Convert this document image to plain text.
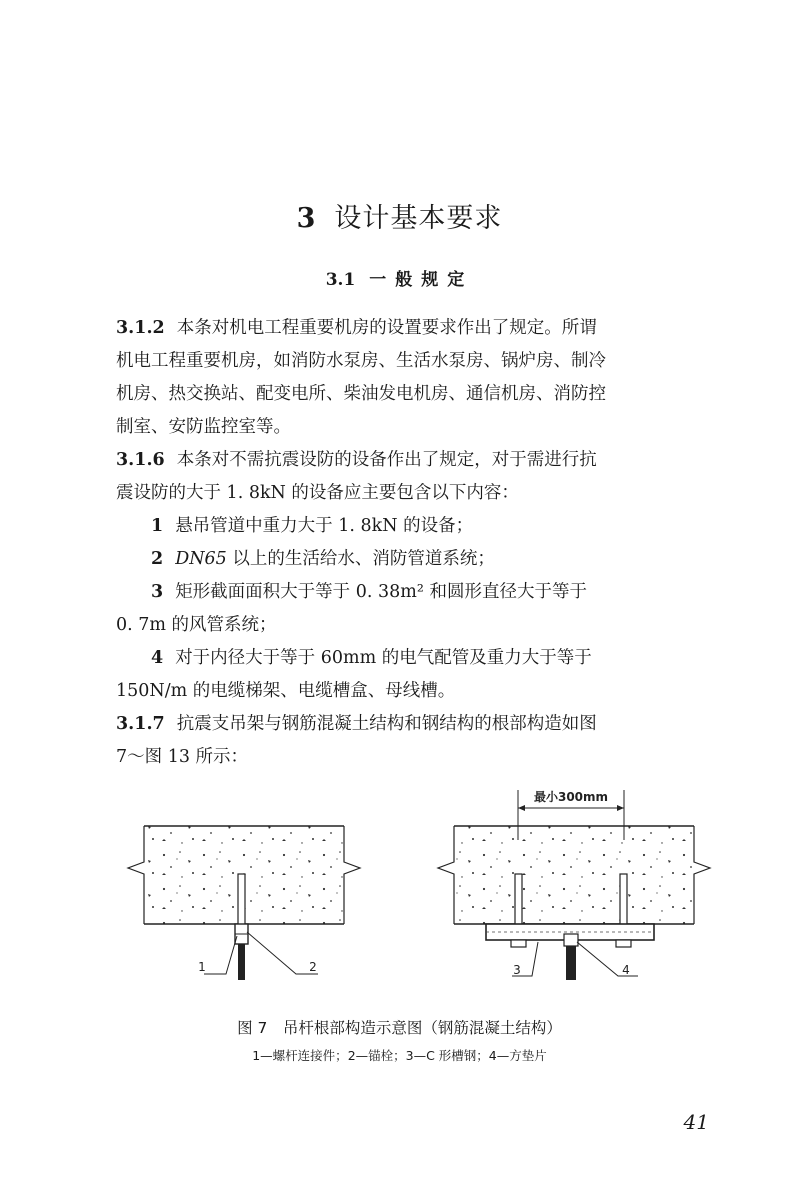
3 设计基本要求
3.1 一般规定

3.1.2 本条对机电工程重要机房的设置要求作出了规定。所谓
机电工程重要机房，如消防水泵房、生活水泵房、锅炉房、制冷
机房、热交换站、配变电所、柴油发电机房、通信机房、消防控
制室、安防监控室等。

3.1.6 本条对不需抗震设防的设备作出了规定，对于需进行抗
震设防的大于 1. 8kN 的设备应主要包含以下内容：

1 悬吊管道中重力大于 1. 8kN 的设备；

2 DN65 以上的生活给水、消防管道系统；

3 矩形截面面积大于等于 0. 38m² 和圆形直径大于等于

0. 7m 的风管系统；

4 对于内径大于等于 60mm 的电气配管及重力大于等于

150N/m 的电缆梯架、电缆槽盒、母线槽。

3.1.7 抗震支吊架与钢筋混凝土结构和钢结构的根部构造如图
7～图 13 所示：

最小300mm
1	2	3	4
图 7　吊杆根部构造示意图（钢筋混凝土结构）
1—螺杆连接件；2—锚栓；3—C 形槽钢；4—方垫片
41
